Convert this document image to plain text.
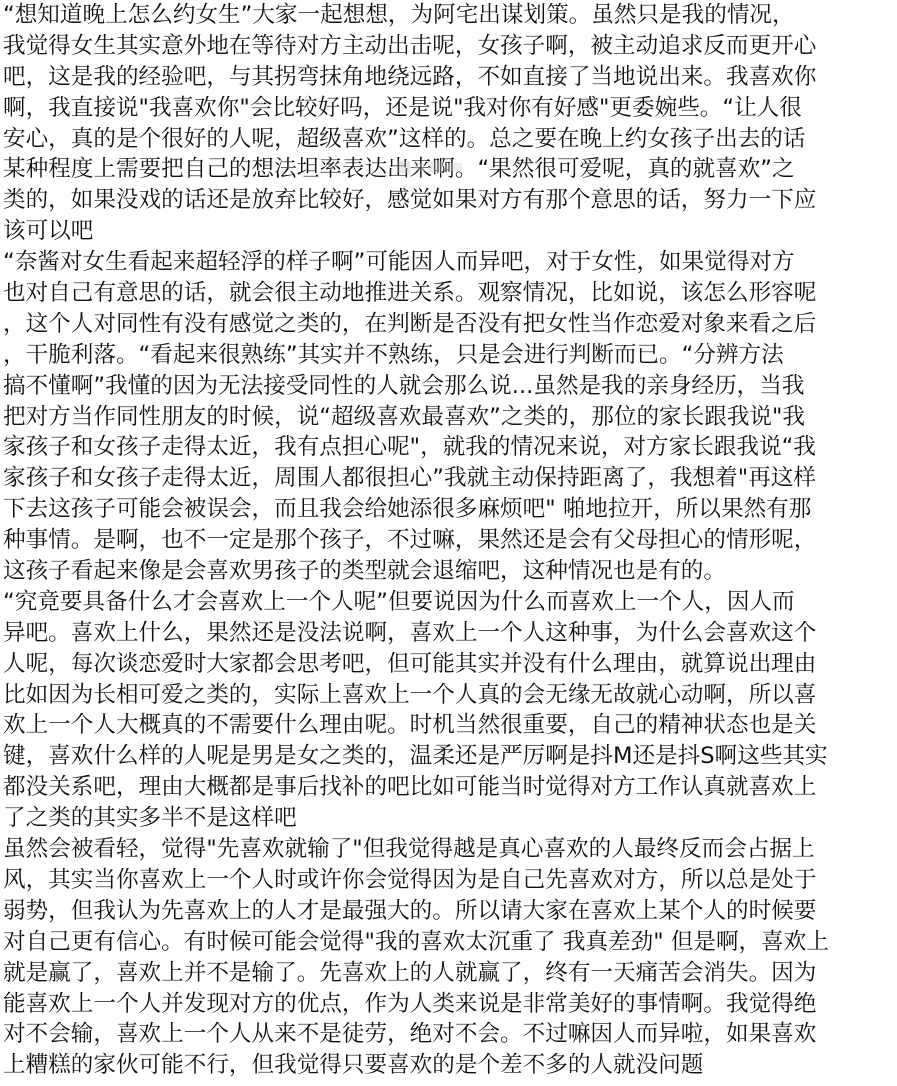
“想知道晚上怎么约女生”大家一起想想，为阿宅出谋划策。虽然只是我的情况，
我觉得女生其实意外地在等待对方主动出击呢，女孩子啊，被主动追求反而更开心
吧，这是我的经验吧，与其拐弯抹角地绕远路，不如直接了当地说出来。我喜欢你
啊，我直接说"我喜欢你"会比较好吗，还是说"我对你有好感"更委婉些。“让人很
安心，真的是个很好的人呢，超级喜欢”这样的。总之要在晚上约女孩子出去的话
某种程度上需要把自己的想法坦率表达出来啊。“果然很可爱呢，真的就喜欢”之
类的，如果没戏的话还是放弃比较好，感觉如果对方有那个意思的话，努力一下应
该可以吧
“奈酱对女生看起来超轻浮的样子啊”可能因人而异吧，对于女性，如果觉得对方
也对自己有意思的话，就会很主动地推进关系。观察情况，比如说，该怎么形容呢
，这个人对同性有没有感觉之类的，在判断是否没有把女性当作恋爱对象来看之后
，干脆利落。“看起来很熟练”其实并不熟练，只是会进行判断而已。“分辨方法
搞不懂啊”我懂的因为无法接受同性的人就会那么说...虽然是我的亲身经历，当我
把对方当作同性朋友的时候，说“超级喜欢最喜欢”之类的，那位的家长跟我说"我
家孩子和女孩子走得太近，我有点担心呢"，就我的情况来说，对方家长跟我说“我
家孩子和女孩子走得太近，周围人都很担心”我就主动保持距离了，我想着"再这样
下去这孩子可能会被误会，而且我会给她添很多麻烦吧" 啪地拉开，所以果然有那
种事情。是啊，也不一定是那个孩子，不过嘛，果然还是会有父母担心的情形呢，
这孩子看起来像是会喜欢男孩子的类型就会退缩吧，这种情况也是有的。
“究竟要具备什么才会喜欢上一个人呢”但要说因为什么而喜欢上一个人，因人而
异吧。喜欢上什么，果然还是没法说啊，喜欢上一个人这种事，为什么会喜欢这个
人呢，每次谈恋爱时大家都会思考吧，但可能其实并没有什么理由，就算说出理由
比如因为长相可爱之类的，实际上喜欢上一个人真的会无缘无故就心动啊，所以喜
欢上一个人大概真的不需要什么理由呢。时机当然很重要，自己的精神状态也是关
键，喜欢什么样的人呢是男是女之类的，温柔还是严厉啊是抖M还是抖S啊这些其实
都没关系吧，理由大概都是事后找补的吧比如可能当时觉得对方工作认真就喜欢上
了之类的其实多半不是这样吧
虽然会被看轻，觉得"先喜欢就输了"但我觉得越是真心喜欢的人最终反而会占据上
风，其实当你喜欢上一个人时或许你会觉得因为是自己先喜欢对方，所以总是处于
弱势，但我认为先喜欢上的人才是最强大的。所以请大家在喜欢上某个人的时候要
对自己更有信心。有时候可能会觉得"我的喜欢太沉重了 我真差劲" 但是啊，喜欢上
就是赢了，喜欢上并不是输了。先喜欢上的人就赢了，终有一天痛苦会消失。因为
能喜欢上一个人并发现对方的优点，作为人类来说是非常美好的事情啊。我觉得绝
对不会输，喜欢上一个人从来不是徒劳，绝对不会。不过嘛因人而异啦，如果喜欢
上糟糕的家伙可能不行，但我觉得只要喜欢的是个差不多的人就没问题
